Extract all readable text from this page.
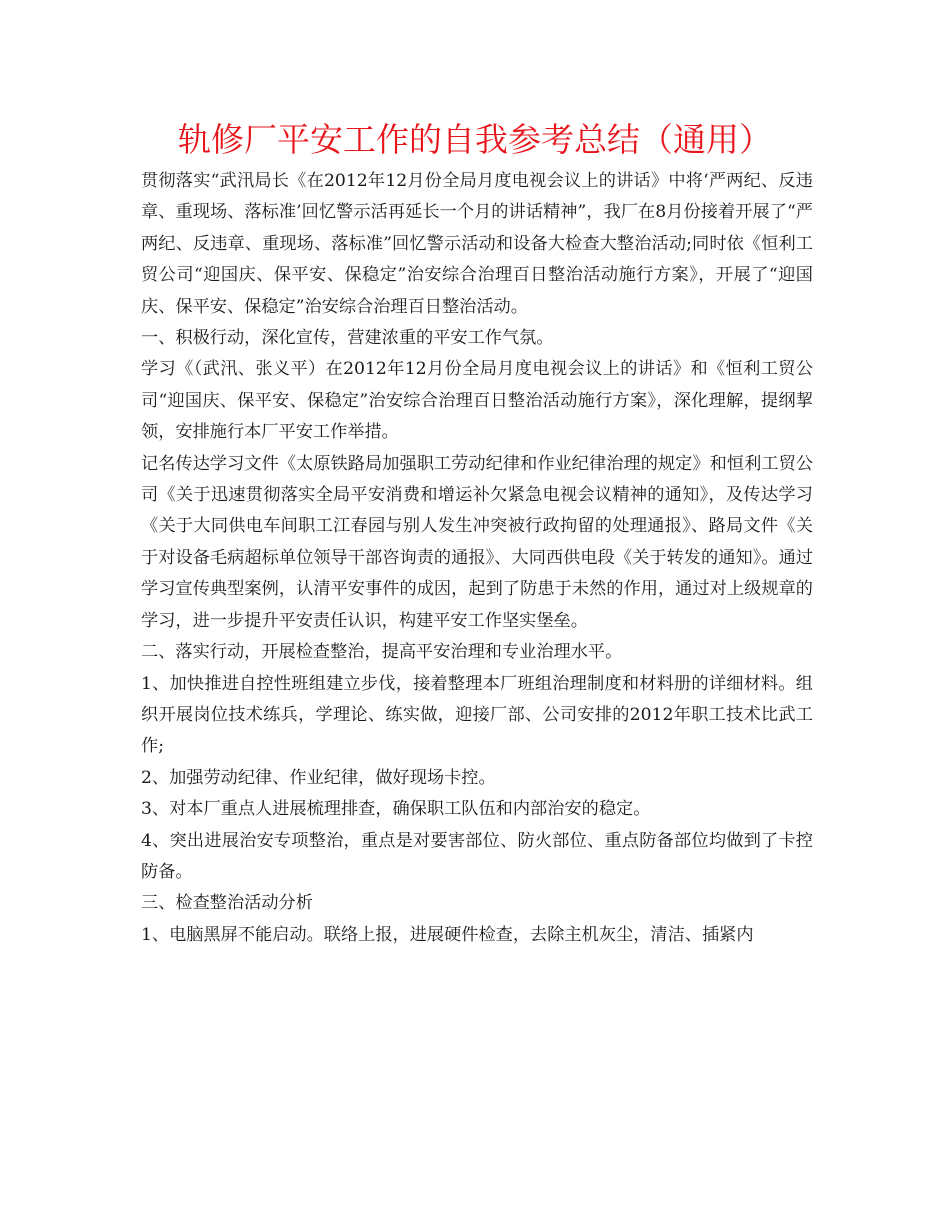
轨修厂平安工作的自我参考总结（通用）

贯彻落实“武汛局长《在2012年12月份全局月度电视会议上的讲话》中将‘严两纪、反违章、重现场、落标准’回忆警示活再延长一个月的讲话精神”，我厂在8月份接着开展了“严两纪、反违章、重现场、落标准”回忆警示活动和设备大检查大整治活动;同时依《恒利工贸公司“迎国庆、保平安、保稳定”治安综合治理百日整治活动施行方案》，开展了“迎国庆、保平安、保稳定”治安综合治理百日整治活动。

一、积极行动，深化宣传，营建浓重的平安工作气氛。

学习《（武汛、张义平）在2012年12月份全局月度电视会议上的讲话》和《恒利工贸公司“迎国庆、保平安、保稳定”治安综合治理百日整治活动施行方案》，深化理解，提纲挈领，安排施行本厂平安工作举措。

记名传达学习文件《太原铁路局加强职工劳动纪律和作业纪律治理的规定》和恒利工贸公司《关于迅速贯彻落实全局平安消费和增运补欠紧急电视会议精神的通知》，及传达学习《关于大同供电车间职工江春园与别人发生冲突被行政拘留的处理通报》、路局文件《关于对设备毛病超标单位领导干部咨询责的通报》、大同西供电段《关于转发的通知》。通过学习宣传典型案例，认清平安事件的成因，起到了防患于未然的作用，通过对上级规章的学习，进一步提升平安责任认识，构建平安工作坚实堡垒。

二、落实行动，开展检查整治，提高平安治理和专业治理水平。

1、加快推进自控性班组建立步伐，接着整理本厂班组治理制度和材料册的详细材料。组织开展岗位技术练兵，学理论、练实做，迎接厂部、公司安排的2012年职工技术比武工作;

2、加强劳动纪律、作业纪律，做好现场卡控。

3、对本厂重点人进展梳理排查，确保职工队伍和内部治安的稳定。

4、突出进展治安专项整治，重点是对要害部位、防火部位、重点防备部位均做到了卡控防备。

三、检查整治活动分析

1、电脑黑屏不能启动。联络上报，进展硬件检查，去除主机灰尘，清洁、插紧内
